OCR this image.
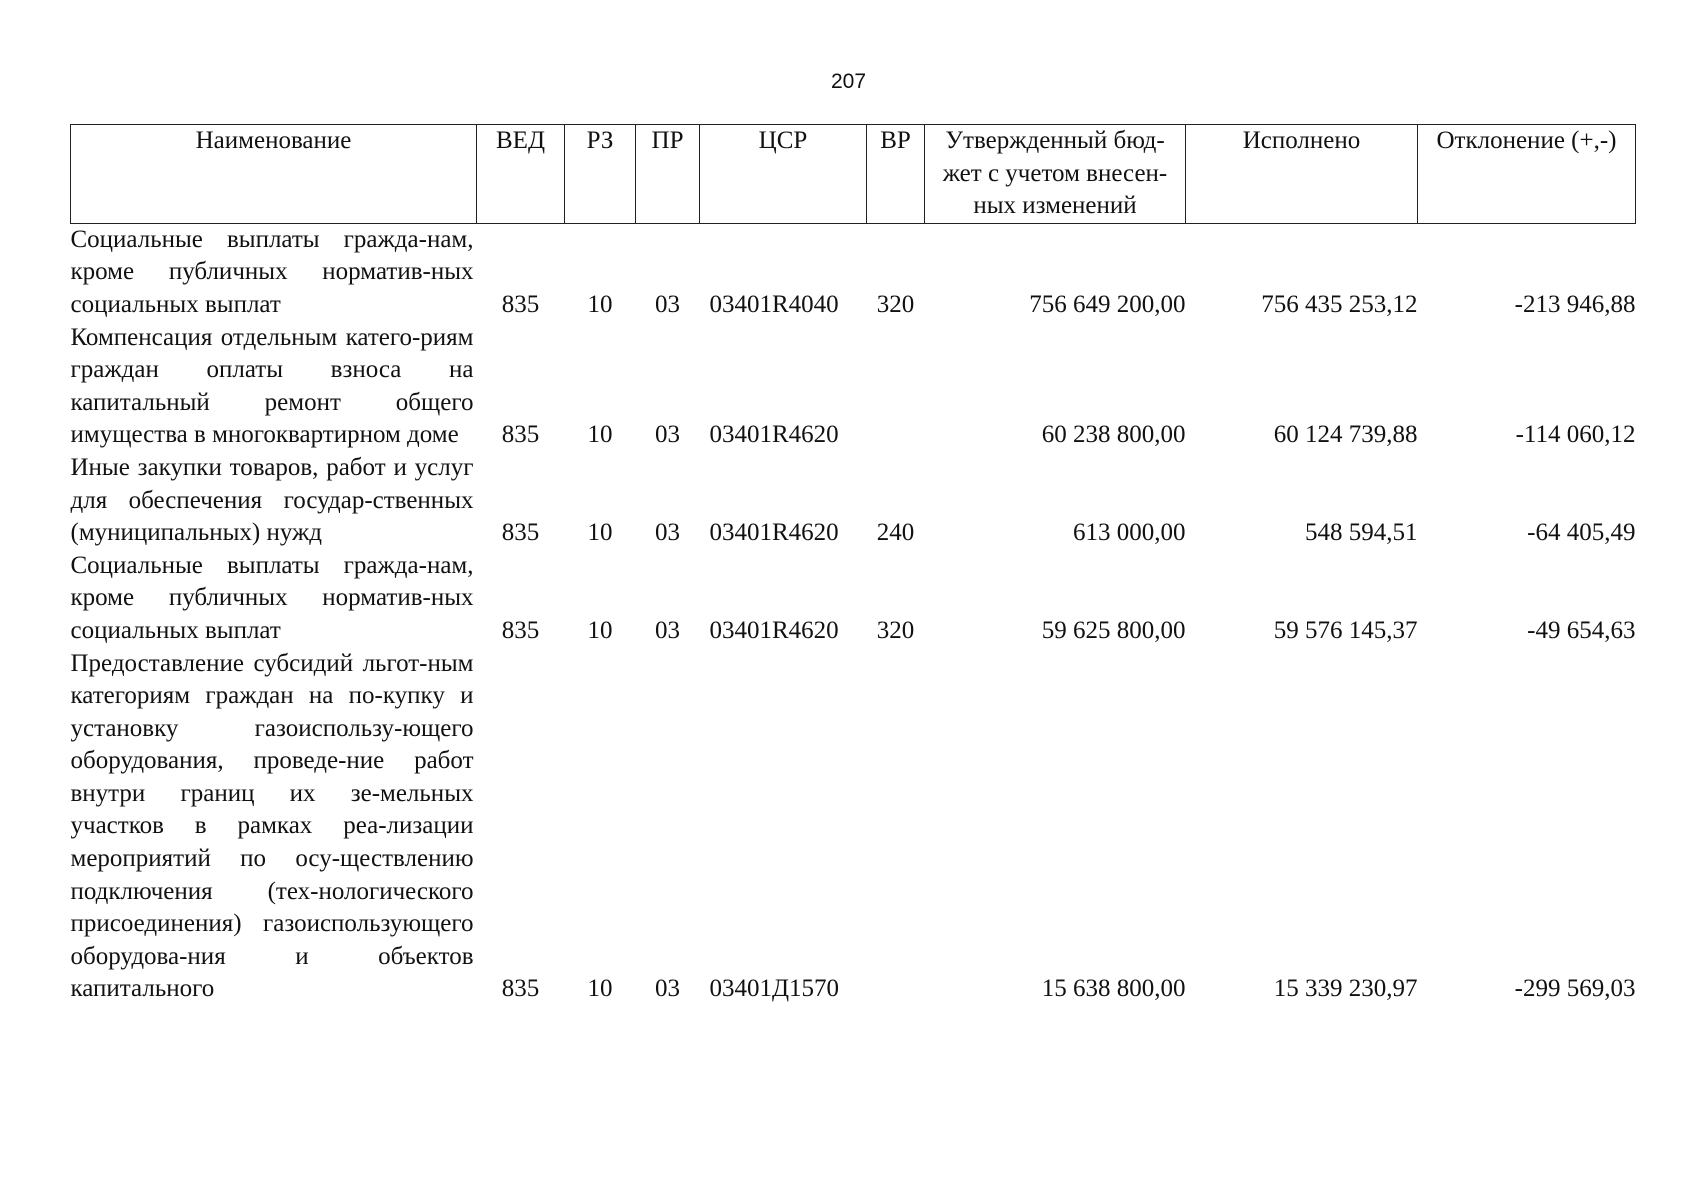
207
Наименование	ВЕД	РЗ	ПР	ЦСР	ВР	Утвержденный бюд-жет с учетом внесен-ных изменений	Исполнено	Отклонение (+,-)
Социальные выплаты гражда-нам, кроме публичных норматив-ных социальных выплат	835	10	03	03401R4040	320	756 649 200,00	756 435 253,12	-213 946,88
Компенсация отдельным катего-риям граждан оплаты взноса на капитальный ремонт общего имущества в многоквартирном доме	835	10	03	03401R4620		60 238 800,00	60 124 739,88	-114 060,12
Иные закупки товаров, работ и услуг для обеспечения государ-ственных (муниципальных) нужд	835	10	03	03401R4620	240	613 000,00	548 594,51	-64 405,49
Социальные выплаты гражда-нам, кроме публичных норматив-ных социальных выплат	835	10	03	03401R4620	320	59 625 800,00	59 576 145,37	-49 654,63
Предоставление субсидий льгот-ным категориям граждан на по-купку и установку газоиспользу-ющего оборудования, проведе-ние работ внутри границ их зе-мельных участков в рамках реа-лизации мероприятий по осу-ществлению подключения (тех-нологического присоединения) газоиспользующего оборудова-ния и объектов капитального	835	10	03	03401Д1570		15 638 800,00	15 339 230,97	-299 569,03
